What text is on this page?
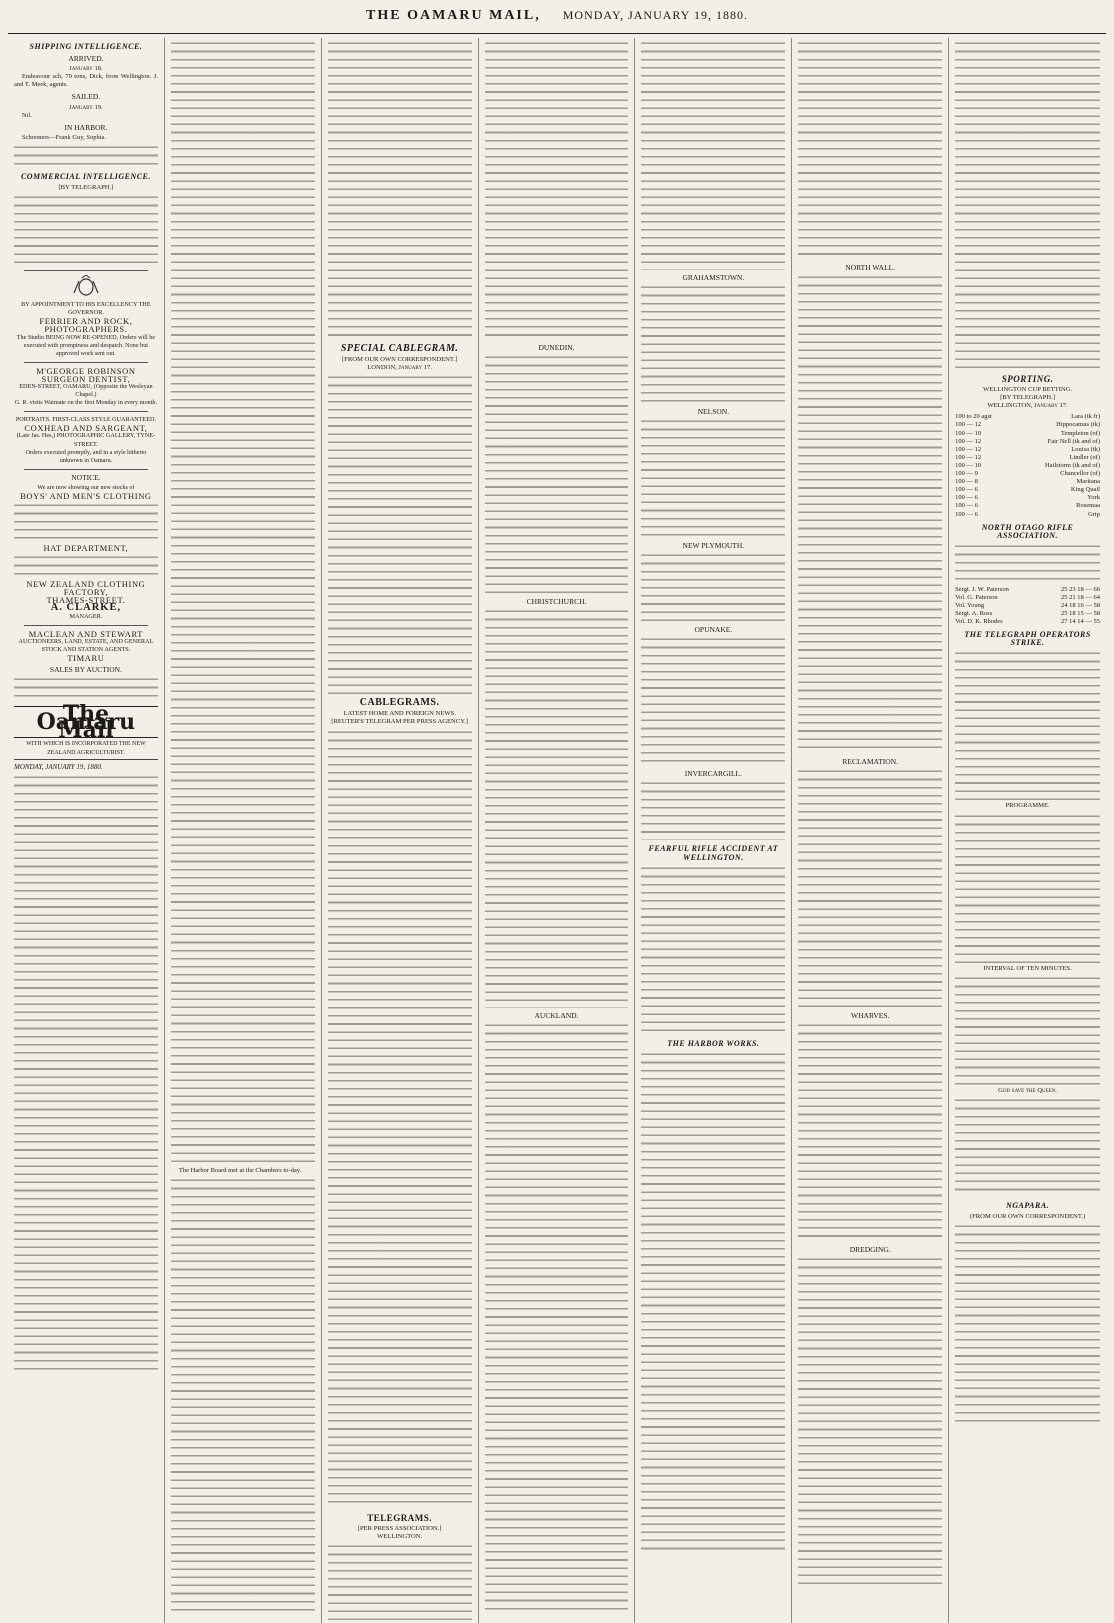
THE OAMARU MAIL, MONDAY, JANUARY 19, 1880.
SHIPPING INTELLIGENCE.
ARRIVED.
January 18.

Endeavour sch, 79 tons, Dick, from Wellington. J. and T. Meek, agents.

SAILED.
January 19.

Nil.

IN HARBOR.

Schooners—Frank Guy, Sophia.

COMMERCIAL INTELLIGENCE.
[BY TELEGRAPH.]
BY APPOINTMENT TO HIS EXCELLENCY THE GOVERNOR.
FERRIER AND ROCK, PHOTOGRAPHERS.
The Studio BEING NOW RE-OPENED, Orders will be executed with promptness and despatch. None but approved work sent out.
M'GEORGE ROBINSON SURGEON DENTIST,
EDEN-STREET, OAMARU, (Opposite the Wesleyan Chapel.)
G. R. visits Waimate on the first Monday in every month.
PORTRAITS. FIRST-CLASS STYLE GUARANTEED.
COXHEAD AND SARGEANT,
(Late Jas. Hes,) PHOTOGRAPHIC GALLERY, TYNE-STREET.
Orders executed promptly, and in a style hitherto unknown in Oamaru.
NOTICE.
We are now showing our new stocks of
BOYS' AND MEN'S CLOTHING
HAT DEPARTMENT,
NEW ZEALAND CLOTHING FACTORY,
THAMES-STREET.
A. CLARKE,
MANAGER.
MACLEAN AND STEWART
AUCTIONEERS, LAND, ESTATE, AND GENERAL STOCK AND STATION AGENTS.
TIMARU
SALES BY AUCTION.
The Oamaru Mail
WITH WHICH IS INCORPORATED THE NEW ZEALAND AGRICULTURIST.
MONDAY, JANUARY 19, 1880.

The Harbor Board met at the Chambers to-day.

SPECIAL CABLEGRAM.
[FROM OUR OWN CORRESPONDENT.]
LONDON, January 17.
CABLEGRAMS.
LATEST HOME AND FOREIGN NEWS.
[REUTER'S TELEGRAM PER PRESS AGENCY.]
TELEGRAMS.
[PER PRESS ASSOCIATION.]
WELLINGTON.
DUNEDIN.
CHRISTCHURCH.
AUCKLAND.
GRAHAMSTOWN.
NELSON.
NEW PLYMOUTH.
OPUNAKE.
INVERCARGILL.
FEARFUL RIFLE ACCIDENT AT WELLINGTON.
THE HARBOR WORKS.
NORTH WALL.
RECLAMATION.
WHARVES.
DREDGING.
SPORTING.
WELLINGTON CUP BETTING.
[BY TELEGRAPH.]
WELLINGTON, January 17.
100 to 20 agst	Lara (tk fr)
100 — 12	Hippocamus (tk)
100 — 10	Templeton (of)
100 — 12	Fair Nell (tk and of)
100 — 12	Louisa (tk)
100 — 12	Lindler (of)
100 — 10	Hailstorm (tk and of)
100 — 9	Chancellor (of)
100 — 8	Maritana
100 — 6	King Quail
100 — 6	York
100 — 6	Rosemaa
100 — 6	Grip
NORTH OTAGO RIFLE ASSOCIATION.
Sergt. J. W. Paterson	25 23 18 — 66
Vol. G. Paterson	25 21 18 — 64
Vol. Young	24 18 16 — 58
Sergt. A. Ross	25 18 15 — 58
Vol. D. K. Rhodes	27 14 14 — 55
THE TELEGRAPH OPERATORS STRIKE.
PROGRAMME.
INTERVAL OF TEN MINUTES.
God save the Queen.
NGAPARA.
(FROM OUR OWN CORRESPONDENT.)
